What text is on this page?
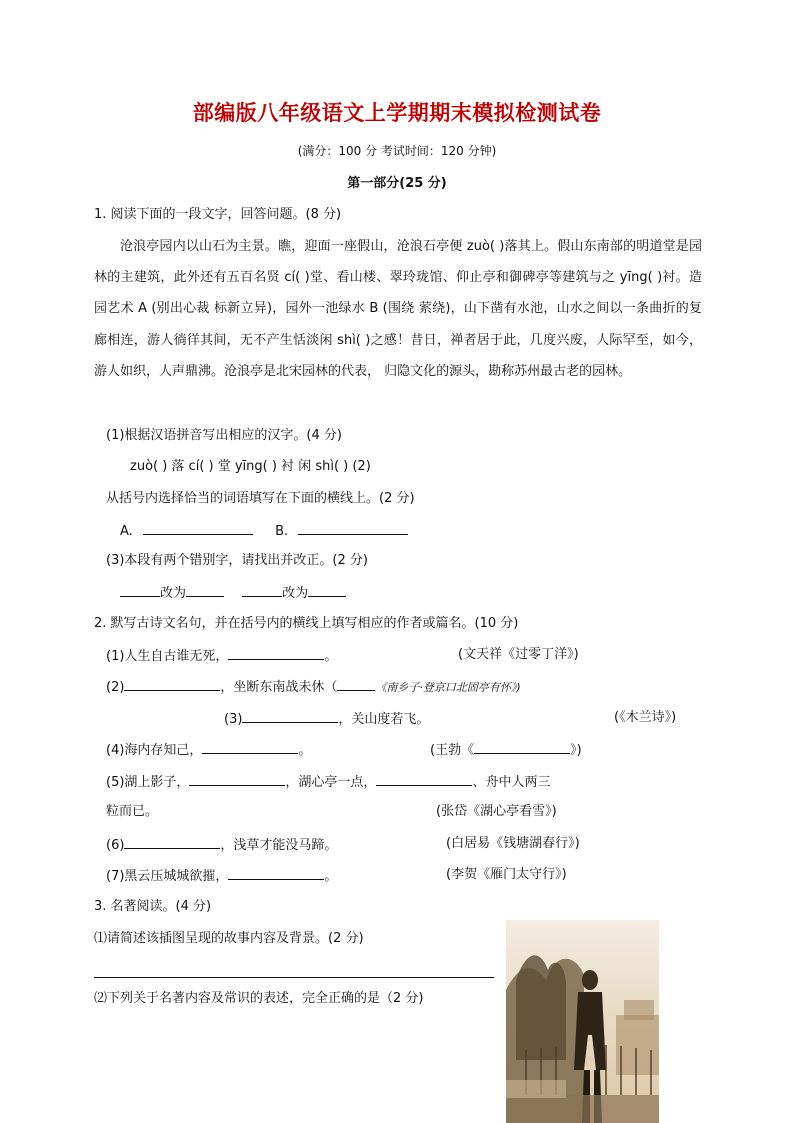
部编版八年级语文上学期期末模拟检测试卷
(满分：100 分 考试时间：120 分钟)
第一部分(25 分)
1. 阅读下面的一段文字，回答问题。(8 分)
沧浪亭园内以山石为主景。瞧，迎面一座假山，沧浪石亭便 zuò( )落其上。假山东南部的明道堂是园林的主建筑，此外还有五百名贤 cí( )堂、看山楼、翠玲珑馆、仰止亭和御碑亭等建筑与之 yīng( )衬。造园艺术 A (别出心裁 标新立异)，园外一池绿水 B (围绕 萦绕)，山下凿有水池，山水之间以一条曲折的复廊相连，游人徜徉其间，无不产生恬淡闲 shì( )之感！昔日，禅者居于此，几度兴废，人际罕至，如今，游人如织，人声鼎沸。沧浪亭是北宋园林的代表， 归隐文化的源头，勘称苏州最古老的园林。
(1)根据汉语拼音写出相应的汉字。(4 分)
zuò( ) 落 cí( ) 堂 yīng( ) 衬 闲 shì( ) (2)
从括号内选择恰当的词语填写在下面的横线上。(2 分)
A.	B.
(3)本段有两个错别字，请找出并改正。(2 分)
改为	改为
2. 默写古诗文名句，并在括号内的横线上填写相应的作者或篇名。(10 分)
(1)人生自古谁无死，	。	(文天祥《过零丁洋》)
(2)	，坐断东南战未休（	《南乡子·登京口北固亭有怀》)
(3)	，关山度若飞。	(《木兰诗》)
(4)海内存知己，	。	(王勃《	》)
(5)湖上影子，	，湖心亭一点，	、舟中人两三
粒而已。	(张岱《湖心亭看雪》)
(6)	，浅草才能没马蹄。	(白居易《钱塘湖春行》)
(7)黑云压城城欲摧，	。	(李贺《雁门太守行》)
3. 名著阅读。(4 分)
⑴请简述该插图呈现的故事内容及背景。(2 分)
⑵下列关于名著内容及常识的表述，完全正确的是（2 分)
